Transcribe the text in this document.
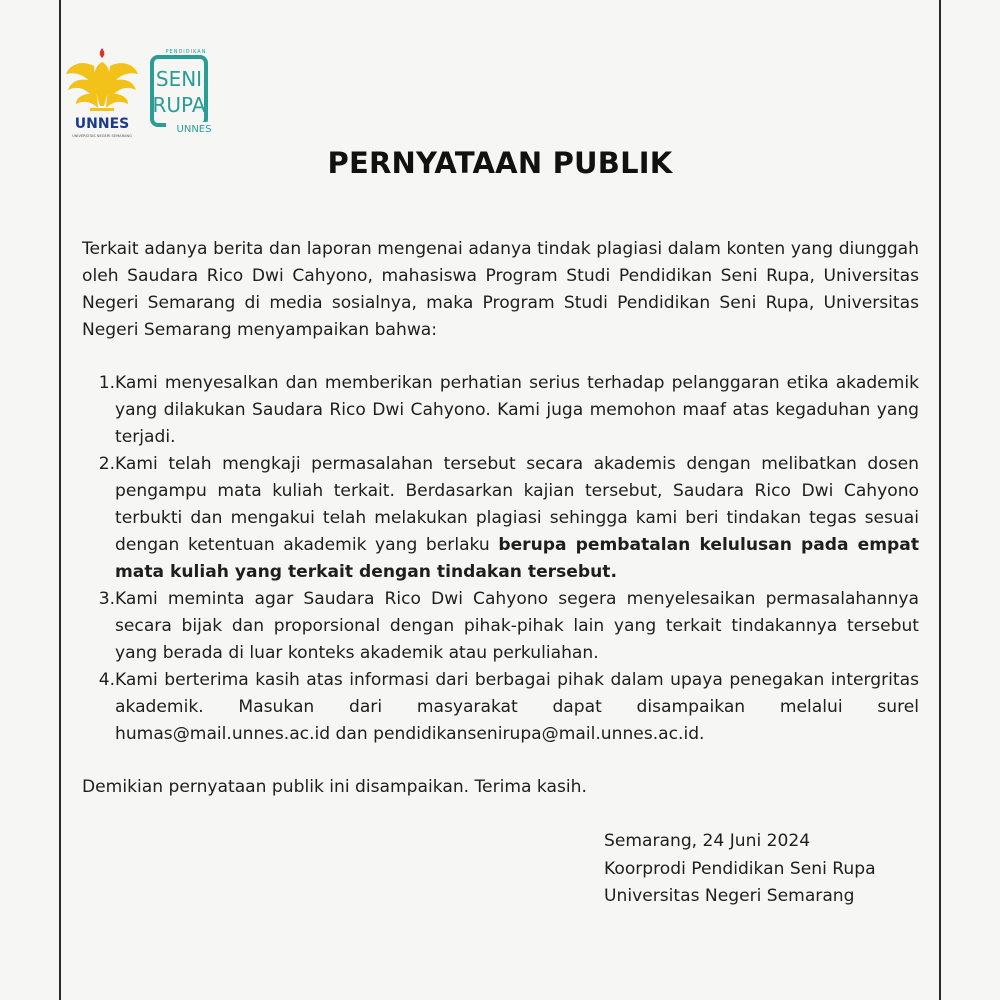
UNNES
UNIVERSITAS NEGERI SEMARANG
PENDIDIKAN
SENI
RUPA
UNNES
PERNYATAAN PUBLIK

Terkait adanya berita dan laporan mengenai adanya tindak plagiasi dalam konten yang diunggah oleh Saudara Rico Dwi Cahyono, mahasiswa Program Studi Pendidikan Seni Rupa, Universitas Negeri Semarang di media sosialnya, maka Program Studi Pendidikan Seni Rupa, Universitas Negeri Semarang menyampaikan bahwa:

1. Kami menyesalkan dan memberikan perhatian serius terhadap pelanggaran etika akademik yang dilakukan Saudara Rico Dwi Cahyono. Kami juga memohon maaf atas kegaduhan yang terjadi.
2. Kami telah mengkaji permasalahan tersebut secara akademis dengan melibatkan dosen pengampu mata kuliah terkait. Berdasarkan kajian tersebut, Saudara Rico Dwi Cahyono terbukti dan mengakui telah melakukan plagiasi sehingga kami beri tindakan tegas sesuai dengan ketentuan akademik yang berlaku berupa pembatalan kelulusan pada empat mata kuliah yang terkait dengan tindakan tersebut.
3. Kami meminta agar Saudara Rico Dwi Cahyono segera menyelesaikan permasalahannya secara bijak dan proporsional dengan pihak-pihak lain yang terkait tindakannya tersebut yang berada di luar konteks akademik atau perkuliahan.
4. Kami berterima kasih atas informasi dari berbagai pihak dalam upaya penegakan intergritas akademik. Masukan dari masyarakat dapat disampaikan melalui surel humas@mail.unnes.ac.id dan pendidikansenirupa@mail.unnes.ac.id.

Demikian pernyataan publik ini disampaikan. Terima kasih.

Semarang, 24 Juni 2024
Koorprodi Pendidikan Seni Rupa
Universitas Negeri Semarang
